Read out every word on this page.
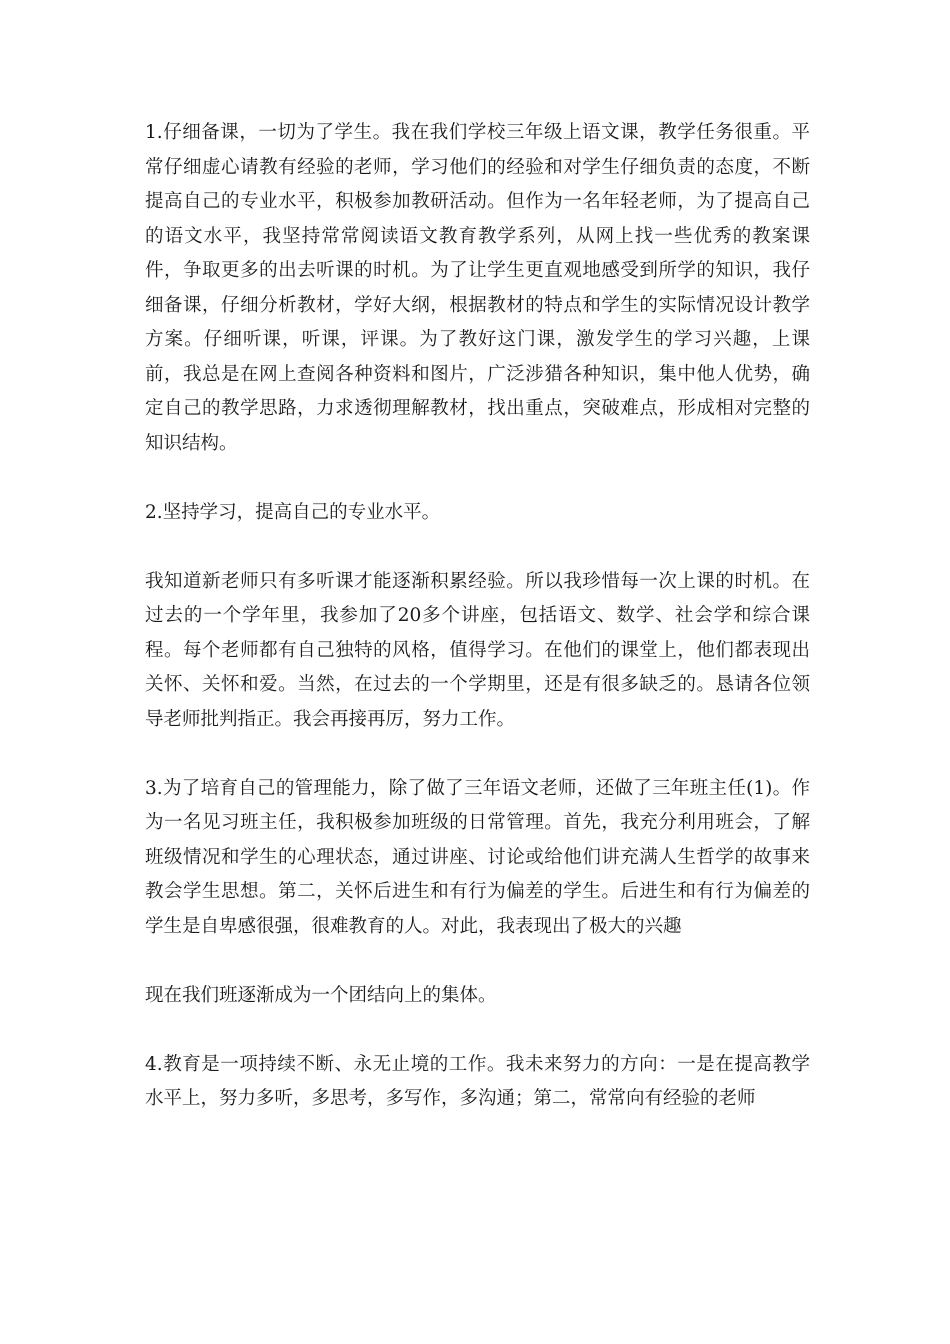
1.仔细备课，一切为了学生。我在我们学校三年级上语文课，教学任务很重。平常仔细虚心请教有经验的老师，学习他们的经验和对学生仔细负责的态度，不断提高自己的专业水平，积极参加教研活动。但作为一名年轻老师，为了提高自己的语文水平，我坚持常常阅读语文教育教学系列，从网上找一些优秀的教案课件，争取更多的出去听课的时机。为了让学生更直观地感受到所学的知识，我仔细备课，仔细分析教材，学好大纲，根据教材的特点和学生的实际情况设计教学方案。仔细听课，听课，评课。为了教好这门课，激发学生的学习兴趣，上课前，我总是在网上查阅各种资料和图片，广泛涉猎各种知识，集中他人优势，确定自己的教学思路，力求透彻理解教材，找出重点，突破难点，形成相对完整的知识结构。

2.坚持学习，提高自己的专业水平。

我知道新老师只有多听课才能逐渐积累经验。所以我珍惜每一次上课的时机。在过去的一个学年里，我参加了20多个讲座，包括语文、数学、社会学和综合课程。每个老师都有自己独特的风格，值得学习。在他们的课堂上，他们都表现出关怀、关怀和爱。当然，在过去的一个学期里，还是有很多缺乏的。恳请各位领导老师批判指正。我会再接再厉，努力工作。

3.为了培育自己的管理能力，除了做了三年语文老师，还做了三年班主任(1)。作为一名见习班主任，我积极参加班级的日常管理。首先，我充分利用班会，了解班级情况和学生的心理状态，通过讲座、讨论或给他们讲充满人生哲学的故事来教会学生思想。第二，关怀后进生和有行为偏差的学生。后进生和有行为偏差的学生是自卑感很强，很难教育的人。对此，我表现出了极大的兴趣

现在我们班逐渐成为一个团结向上的集体。

4.教育是一项持续不断、永无止境的工作。我未来努力的方向：一是在提高教学水平上，努力多听，多思考，多写作，多沟通；第二，常常向有经验的老师
